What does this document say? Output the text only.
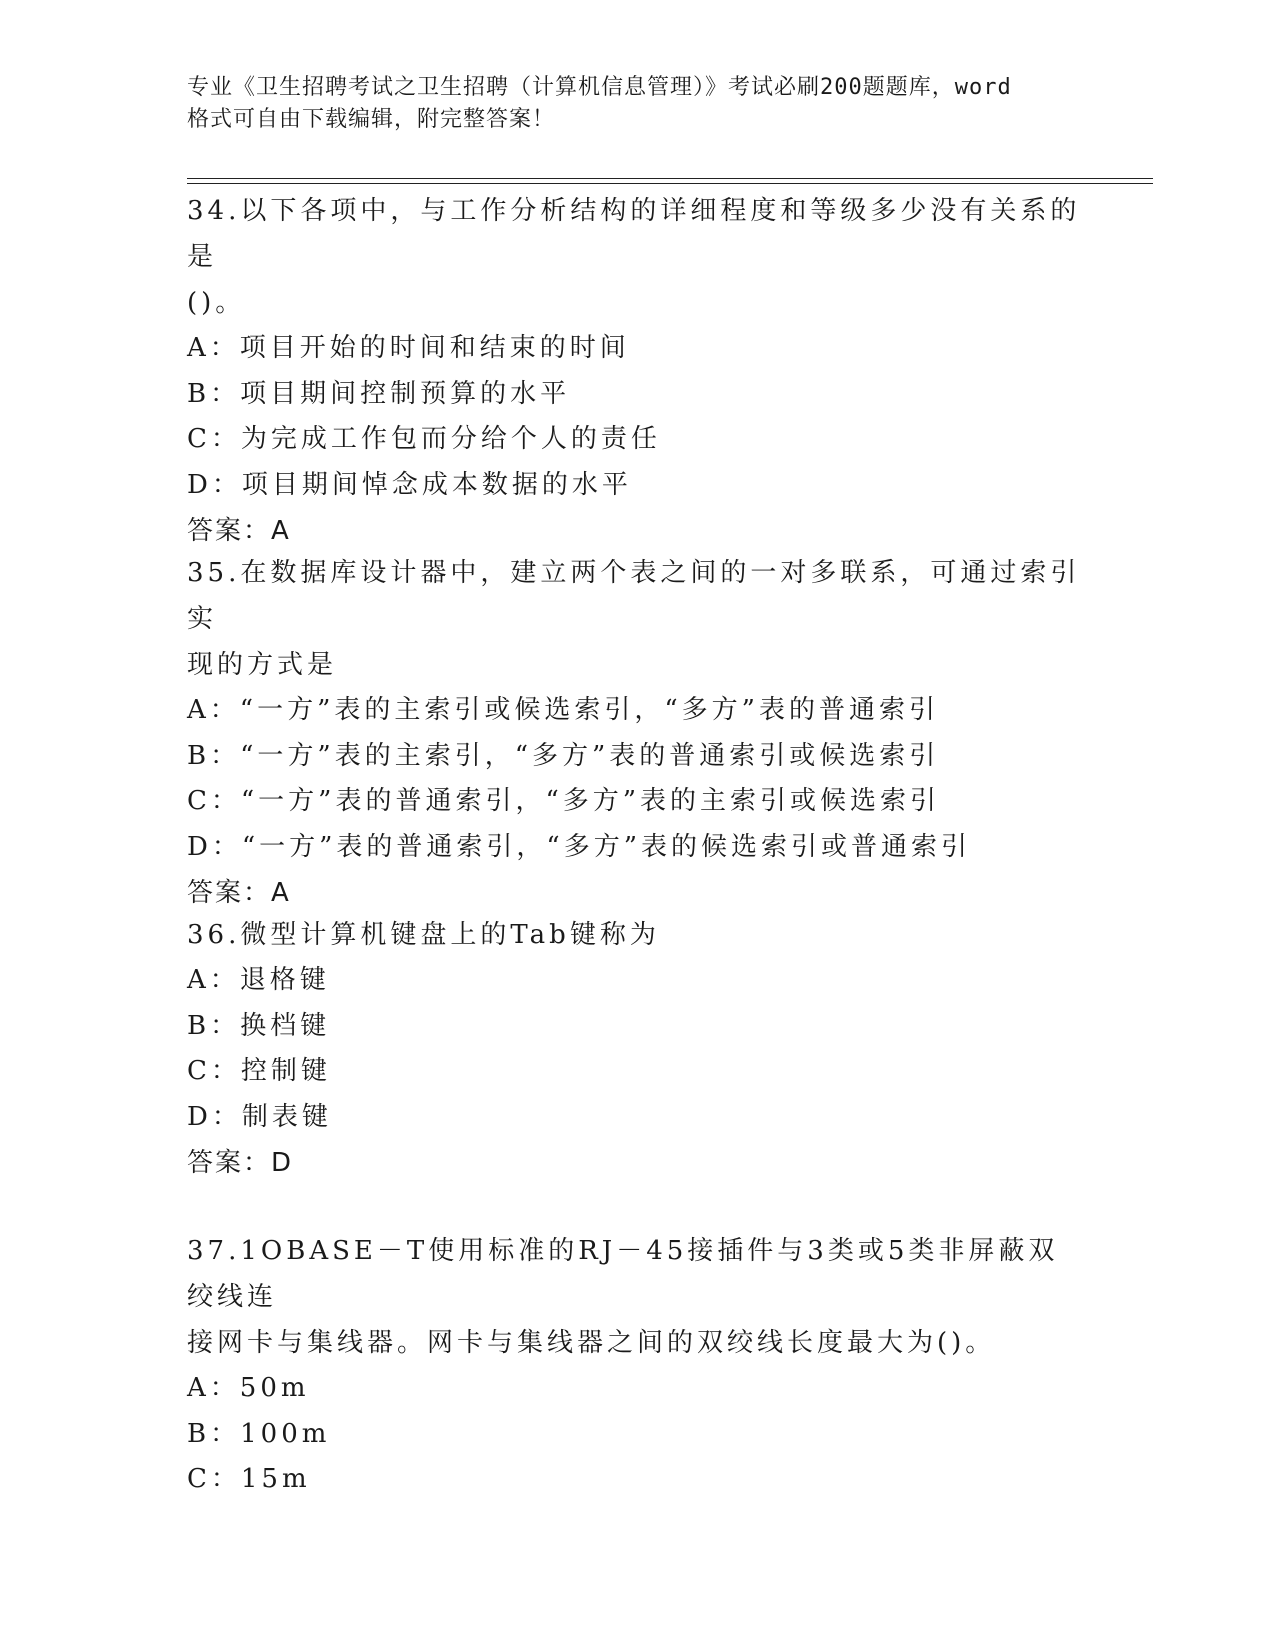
专业《卫生招聘考试之卫生招聘（计算机信息管理）》考试必刷200题题库，word
格式可自由下载编辑，附完整答案！
34.以下各项中，与工作分析结构的详细程度和等级多少没有关系的是
()。
A：项目开始的时间和结束的时间
B：项目期间控制预算的水平
C：为完成工作包而分给个人的责任
D：项目期间悼念成本数据的水平
答案：A
35.在数据库设计器中，建立两个表之间的一对多联系，可通过索引实
现的方式是
A：“一方”表的主索引或候选索引，“多方”表的普通索引
B：“一方”表的主索引，“多方”表的普通索引或候选索引
C：“一方”表的普通索引，“多方”表的主索引或候选索引
D：“一方”表的普通索引，“多方”表的候选索引或普通索引
答案：A
36.微型计算机键盘上的Tab键称为
A：退格键
B：换档键
C：控制键
D：制表键
答案：D
37.1OBASE－T使用标准的RJ－45接插件与3类或5类非屏蔽双绞线连
接网卡与集线器。网卡与集线器之间的双绞线长度最大为()。
A：50m
B：100m
C：15m
